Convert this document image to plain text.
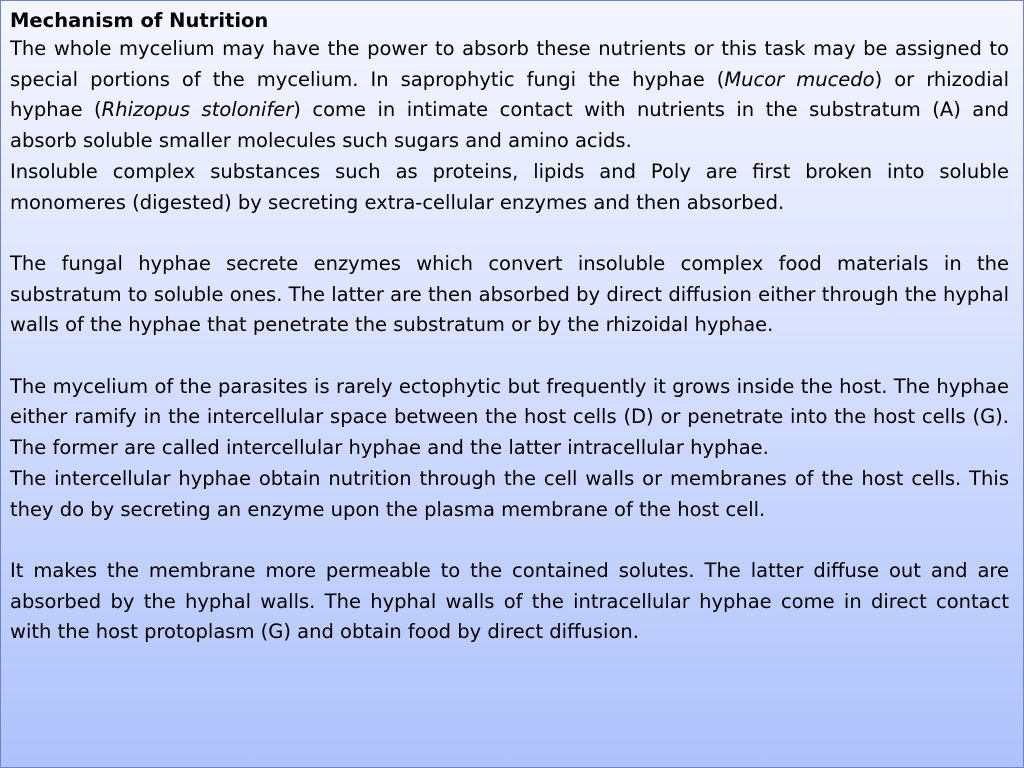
Mechanism of Nutrition

The whole mycelium may have the power to absorb these nutrients or this task may be assigned to special portions of the mycelium. In saprophytic fungi the hyphae (Mucor mucedo) or rhizodial hyphae (Rhizopus stolonifer) come in intimate contact with nutrients in the substratum (A) and absorb soluble smaller molecules such sugars and amino acids.

Insoluble complex substances such as proteins, lipids and Poly are first broken into soluble monomeres (digested) by secreting extra-cellular enzymes and then absorbed.

The fungal hyphae secrete enzymes which convert insoluble complex food materials in the substratum to soluble ones. The latter are then absorbed by direct diffusion either through the hyphal walls of the hyphae that penetrate the substratum or by the rhizoidal hyphae.

The mycelium of the parasites is rarely ectophytic but frequently it grows inside the host. The hyphae either ramify in the intercellular space between the host cells (D) or penetrate into the host cells (G). The former are called intercellular hyphae and the latter intracellular hyphae.

The intercellular hyphae obtain nutrition through the cell walls or membranes of the host cells. This they do by secreting an enzyme upon the plasma membrane of the host cell.

It makes the membrane more permeable to the contained solutes. The latter diffuse out and are absorbed by the hyphal walls. The hyphal walls of the intracellular hyphae come in direct contact with the host protoplasm (G) and obtain food by direct diffusion.
